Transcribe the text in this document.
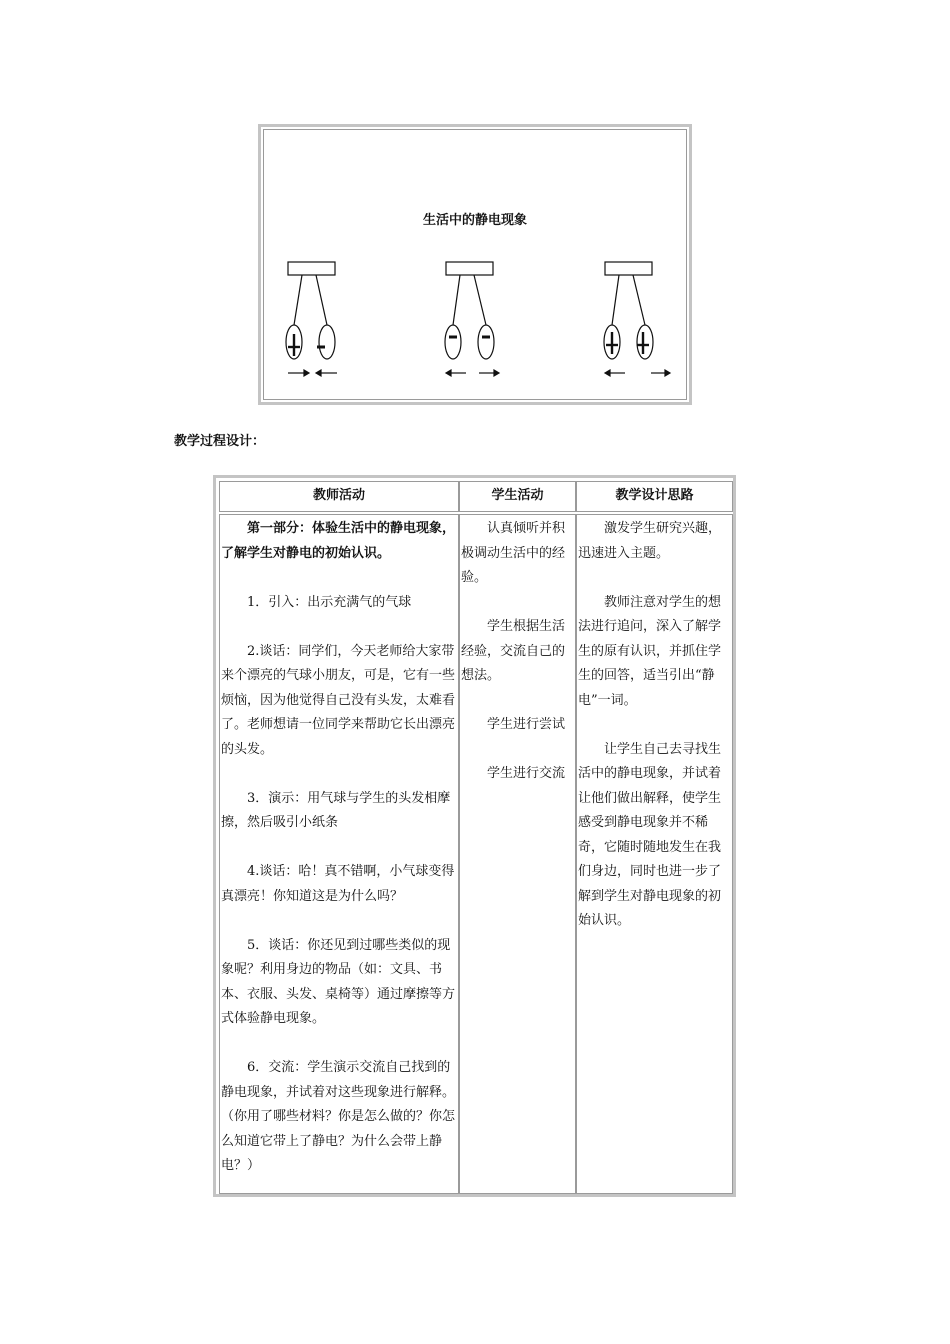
生活中的静电现象
教学过程设计：
教师活动	学生活动	教学设计思路

第一部分：体验生活中的静电现象，了解学生对静电的初始认识。

1．引入：出示充满气的气球

2.谈话：同学们，今天老师给大家带来个漂亮的气球小朋友，可是，它有一些烦恼，因为他觉得自己没有头发，太难看了。老师想请一位同学来帮助它长出漂亮的头发。

3．演示：用气球与学生的头发相摩擦，然后吸引小纸条

4.谈话：哈！真不错啊，小气球变得真漂亮！你知道这是为什么吗？

5．谈话：你还见到过哪些类似的现象呢？利用身边的物品（如：文具、书本、衣服、头发、桌椅等）通过摩擦等方式体验静电现象。

6．交流：学生演示交流自己找到的静电现象，并试着对这些现象进行解释。（你用了哪些材料？你是怎么做的？你怎么知道它带上了静电？为什么会带上静电？）

认真倾听并积极调动生活中的经验。

学生根据生活经验，交流自己的想法。

学生进行尝试

学生进行交流

激发学生研究兴趣，迅速进入主题。

教师注意对学生的想法进行追问，深入了解学生的原有认识，并抓住学生的回答，适当引出“静电”一词。

让学生自己去寻找生活中的静电现象，并试着让他们做出解释，使学生感受到静电现象并不稀奇，它随时随地发生在我们身边，同时也进一步了解到学生对静电现象的初始认识。
